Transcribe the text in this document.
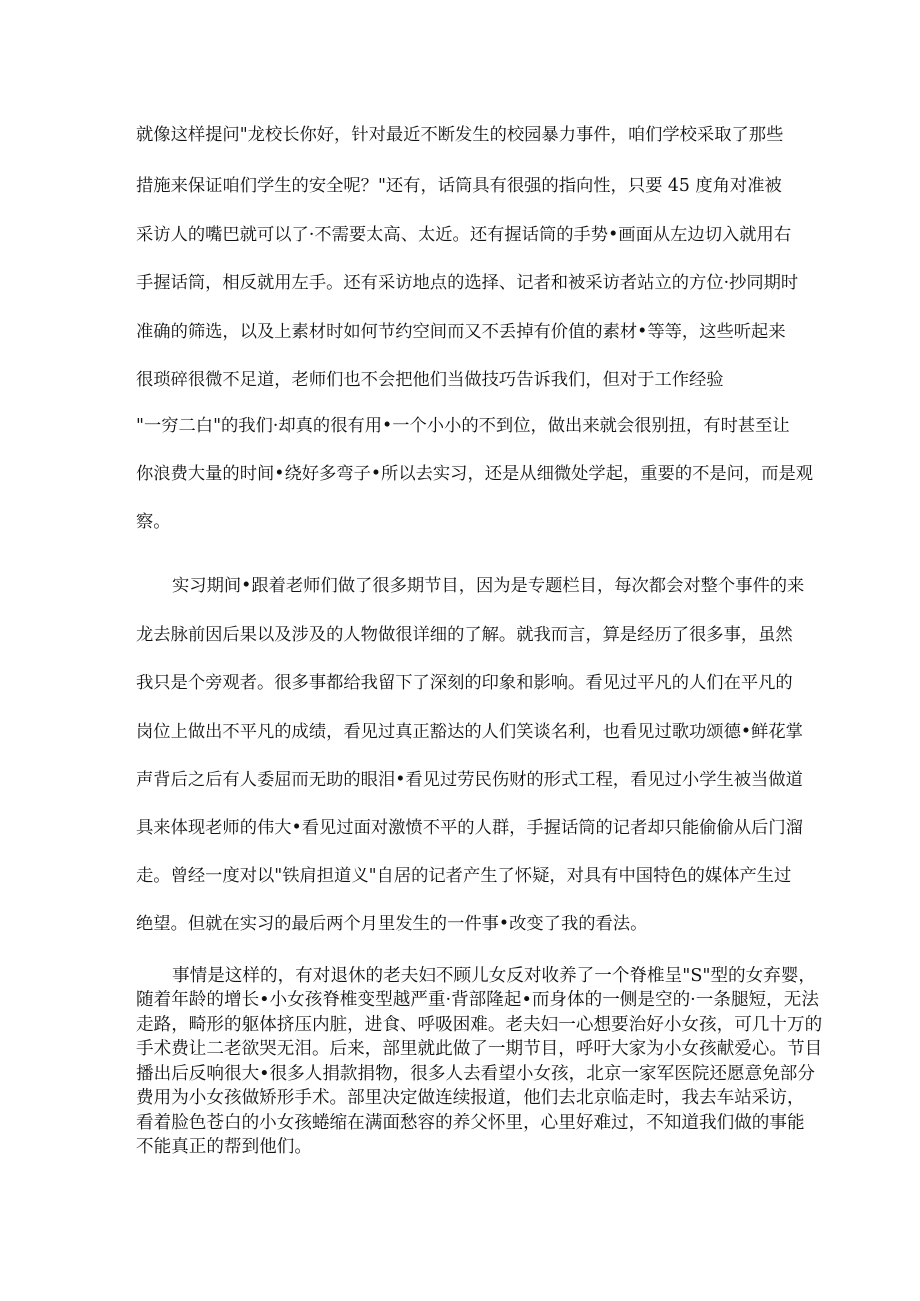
就像这样提问"龙校长你好，针对最近不断发生的校园暴力事件，咱们学校采取了那些
措施来保证咱们学生的安全呢？"还有，话筒具有很强的指向性，只要 45 度角对准被
采访人的嘴巴就可以了·不需要太高、太近。还有握话筒的手势•画面从左边切入就用右
手握话筒，相反就用左手。还有采访地点的选择、记者和被采访者站立的方位·抄同期时
准确的筛选，以及上素材时如何节约空间而又不丢掉有价值的素材•等等，这些听起来
很琐碎很微不足道，老师们也不会把他们当做技巧告诉我们，但对于工作经验
"一穷二白"的我们·却真的很有用•一个小小的不到位，做出来就会很别扭，有时甚至让
你浪费大量的时间•绕好多弯子•所以去实习，还是从细微处学起，重要的不是问，而是观
察。
实习期间•跟着老师们做了很多期节目，因为是专题栏目，每次都会对整个事件的来
龙去脉前因后果以及涉及的人物做很详细的了解。就我而言，算是经历了很多事，虽然
我只是个旁观者。很多事都给我留下了深刻的印象和影响。看见过平凡的人们在平凡的
岗位上做出不平凡的成绩，看见过真正豁达的人们笑谈名利，也看见过歌功颂德•鲜花掌
声背后之后有人委屈而无助的眼泪•看见过劳民伤财的形式工程，看见过小学生被当做道
具来体现老师的伟大•看见过面对激愤不平的人群，手握话筒的记者却只能偷偷从后门溜
走。曾经一度对以"铁肩担道义"自居的记者产生了怀疑，对具有中国特色的媒体产生过
绝望。但就在实习的最后两个月里发生的一件事•改变了我的看法。
事情是这样的，有对退休的老夫妇不顾儿女反对收养了一个脊椎呈"S"型的女弃婴，
随着年龄的增长•小女孩脊椎变型越严重·背部隆起•而身体的一侧是空的·一条腿短，无法
走路，畸形的躯体挤压内脏，进食、呼吸困难。老夫妇一心想要治好小女孩，可几十万的
手术费让二老欲哭无泪。后来，部里就此做了一期节目，呼吁大家为小女孩献爱心。节目
播出后反响很大•很多人捐款捐物，很多人去看望小女孩，北京一家军医院还愿意免部分
费用为小女孩做矫形手术。部里决定做连续报道，他们去北京临走时，我去车站采访，
看着脸色苍白的小女孩蜷缩在满面愁容的养父怀里，心里好难过，不知道我们做的事能
不能真正的帮到他们。
